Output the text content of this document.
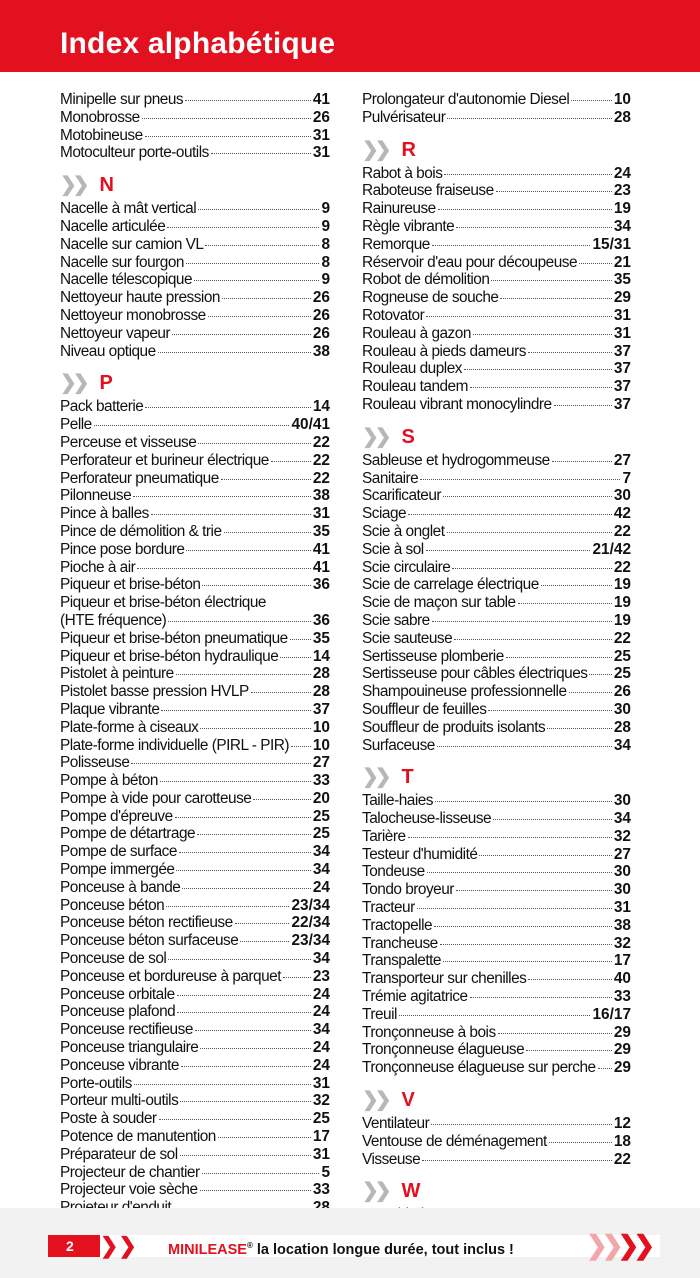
Index alphabétique
Minipelle sur pneus	41
Monobrosse	26
Motobineuse	31
Motoculteur porte-outils	31
❯❯ N
Nacelle à mât vertical	9
Nacelle articulée	9
Nacelle sur camion VL	8
Nacelle sur fourgon	8
Nacelle télescopique	9
Nettoyeur haute pression	26
Nettoyeur monobrosse	26
Nettoyeur vapeur	26
Niveau optique	38
❯❯ P
Pack batterie	14
Pelle	40/41
Perceuse et visseuse	22
Perforateur et burineur électrique	22
Perforateur pneumatique	22
Pilonneuse	38
Pince à balles	31
Pince de démolition & trie	35
Pince pose bordure	41
Pioche à air	41
Piqueur et brise-béton	36
Piqueur et brise-béton électrique
(HTE fréquence)	36
Piqueur et brise-béton pneumatique 35
Piqueur et brise-béton hydraulique 14
Pistolet à peinture	28
Pistolet basse pression HVLP	28
Plaque vibrante	37
Plate-forme à ciseaux	10
Plate-forme individuelle (PIRL - PIR) 10
Polisseuse	27
Pompe à béton	33
Pompe à vide pour carotteuse	20
Pompe d'épreuve	25
Pompe de détartrage	25
Pompe de surface	34
Pompe immergée	34
Ponceuse à bande	24
Ponceuse béton	23/34
Ponceuse béton rectifieuse	22/34
Ponceuse béton surfaceuse	23/34
Ponceuse de sol	34
Ponceuse et bordureuse à parquet 23
Ponceuse orbitale	24
Ponceuse plafond	24
Ponceuse rectifieuse	34
Ponceuse triangulaire	24
Ponceuse vibrante	24
Porte-outils	31
Porteur multi-outils	32
Poste à souder	25
Potence de manutention	17
Préparateur de sol	31
Projecteur de chantier	5
Projecteur voie sèche	33
Prolongateur d'autonomie Diesel	10
Pulvérisateur	28
❯❯ R
Rabot à bois	24
Raboteuse fraiseuse	23
Rainureuse	19
Règle vibrante	34
Remorque	15/31
Réservoir d'eau pour découpeuse 21
Robot de démolition	35
Rogneuse de souche	29
Rotovator	31
Rouleau à gazon	31
Rouleau à pieds dameurs	37
Rouleau duplex	37
Rouleau tandem	37
Rouleau vibrant monocylindre	37
❯❯ S
Sableuse et hydrogommeuse	27
Sanitaire	7
Scarificateur	30
Sciage	42
Scie à onglet	22
Scie à sol	21/42
Scie circulaire	22
Scie de carrelage électrique	19
Scie de maçon sur table	19
Scie sabre	19
Scie sauteuse	22
Sertisseuse plomberie	25
Sertisseuse pour câbles électriques 25
Shampouineuse professionnelle	26
Souffleur de feuilles	30
Souffleur de produits isolants	28
Surfaceuse	34
❯❯ T
Taille-haies	30
Talocheuse-lisseuse	34
Tarière	32
Testeur d'humidité	27
Tondeuse	30
Tondo broyeur	30
Tracteur	31
Tractopelle	38
Trancheuse	32
Transpalette	17
Transporteur sur chenilles	40
Trémie agitatrice	33
Treuil	16/17
Tronçonneuse à bois	29
Tronçonneuse élagueuse	29
Tronçonneuse élagueuse sur perche 29
❯❯ V
Ventilateur	12
Ventouse de déménagement	18
Visseuse	22
❯❯ W
2 ❯❯ MINILEASE® la location longue durée, tout inclus !	❯❯❯❯
